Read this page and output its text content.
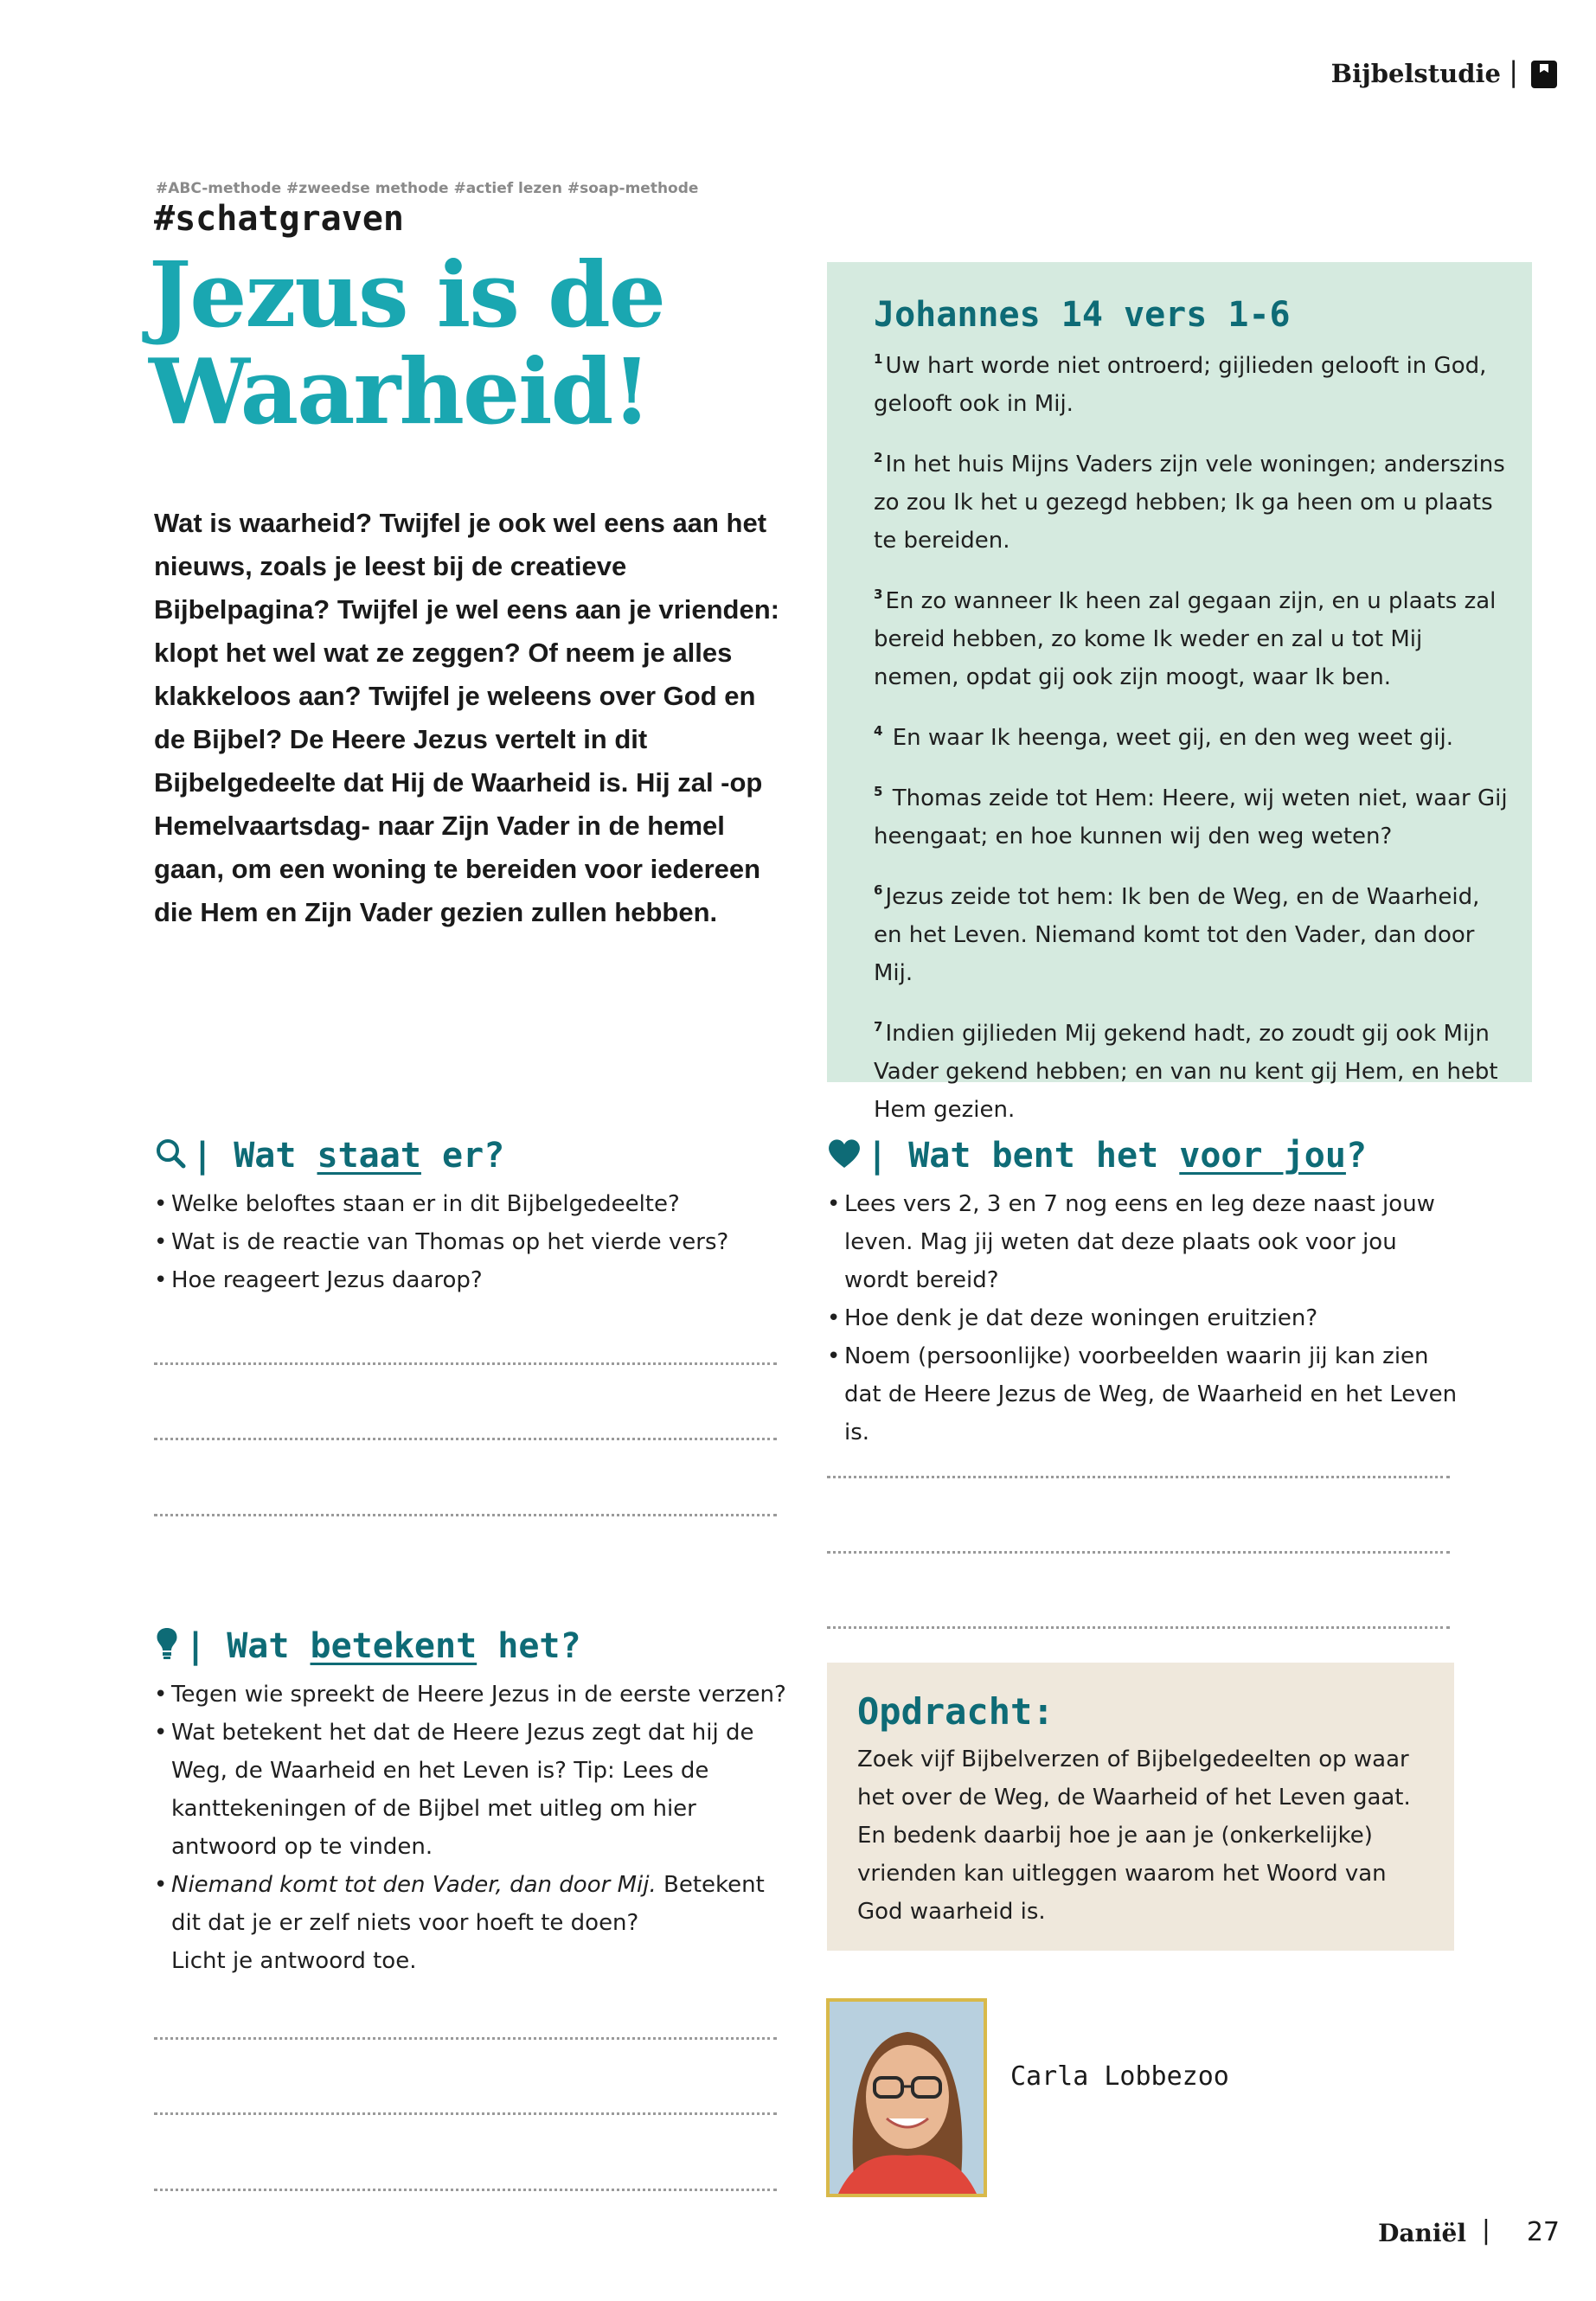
Bijbelstudie |
#ABC-methode #zweedse methode #actief lezen #soap-methode
#schatgraven
Jezus is de
Waarheid!

Wat is waarheid? Twijfel je ook wel eens aan het nieuws, zoals je leest bij de creatieve Bijbelpagina? Twijfel je wel eens aan je vrienden: klopt het wel wat ze zeggen? Of neem je alles klakkeloos aan? Twijfel je weleens over God en de Bijbel? De Heere Jezus vertelt in dit Bijbelgedeelte dat Hij de Waarheid is. Hij zal -op Hemelvaartsdag- naar Zijn Vader in de hemel gaan, om een woning te bereiden voor iedereen die Hem en Zijn Vader gezien zullen hebben.

Johannes 14 vers 1-6

$^1$ Uw hart worde niet ontroerd; gijlieden gelooft in God, gelooft ook in Mij.

$^2$ In het huis Mijns Vaders zijn vele woningen; anderszins zo zou Ik het u gezegd hebben; Ik ga heen om u plaats te bereiden.

$^3$ En zo wanneer Ik heen zal gegaan zijn, en u plaats zal bereid hebben, zo kome Ik weder en zal u tot Mij nemen, opdat gij ook zijn moogt, waar Ik ben.

$^4$ En waar Ik heenga, weet gij, en den weg weet gij.

$^5$ Thomas zeide tot Hem: Heere, wij weten niet, waar Gij heengaat; en hoe kunnen wij den weg weten?

$^6$ Jezus zeide tot hem: Ik ben de Weg, en de Waarheid, en het Leven. Niemand komt tot den Vader, dan door Mij.

$^7$ Indien gijlieden Mij gekend hadt, zo zoudt gij ook Mijn Vader gekend hebben; en van nu kent gij Hem, en hebt Hem gezien.

| Wat staat er?
• Welke beloftes staan er in dit Bijbelgedeelte?
• Wat is de reactie van Thomas op het vierde vers?
• Hoe reageert Jezus daarop?
| Wat bent het voor jou?
• Lees vers 2, 3 en 7 nog eens en leg deze naast jouw leven. Mag jij weten dat deze plaats ook voor jou wordt bereid?
• Hoe denk je dat deze woningen eruitzien?
• Noem (persoonlijke) voorbeelden waarin jij kan zien dat de Heere Jezus de Weg, de Waarheid en het Leven is.
| Wat betekent het?
• Tegen wie spreekt de Heere Jezus in de eerste verzen?
• Wat betekent het dat de Heere Jezus zegt dat hij de Weg, de Waarheid en het Leven is? Tip: Lees de kanttekeningen of de Bijbel met uitleg om hier antwoord op te vinden.
• Niemand komt tot den Vader, dan door Mij. Betekent dit dat je er zelf niets voor hoeft te doen?
Licht je antwoord toe.
Opdracht:

Zoek vijf Bijbelverzen of Bijbelgedeelten op waar het over de Weg, de Waarheid of het Leven gaat. En bedenk daarbij hoe je aan je (onkerkelijke) vrienden kan uitleggen waarom het Woord van God waarheid is.

Carla Lobbezoo
Daniël | 27
